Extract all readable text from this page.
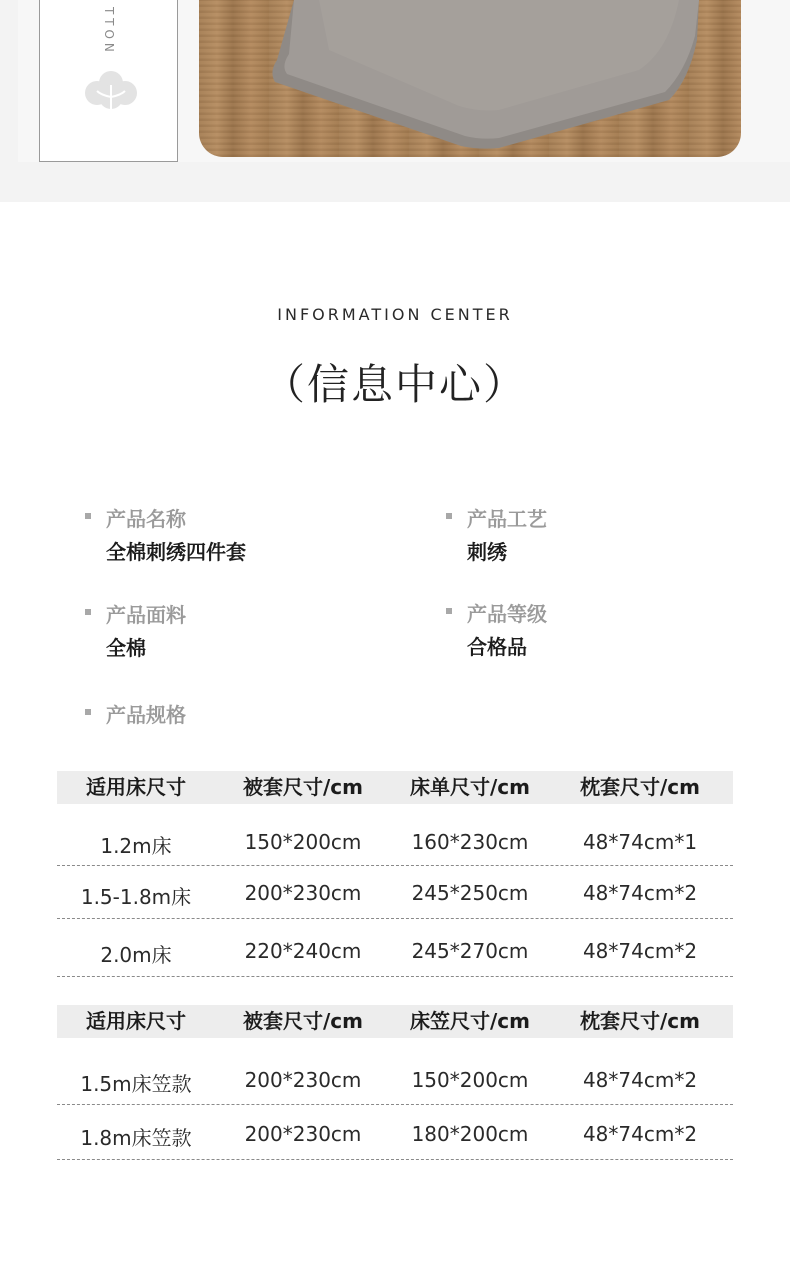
TTON
INFORMATION CENTER
（信息中心）
产品名称
全棉刺绣四件套
产品工艺
刺绣
产品面料
全棉
产品等级
合格品
产品规格
适用床尺寸	被套尺寸/cm	床单尺寸/cm	枕套尺寸/cm
1.2m床	150*200cm	160*230cm	48*74cm*1
1.5-1.8m床	200*230cm	245*250cm	48*74cm*2
2.0m床	220*240cm	245*270cm	48*74cm*2
适用床尺寸	被套尺寸/cm	床笠尺寸/cm	枕套尺寸/cm
1.5m床笠款	200*230cm	150*200cm	48*74cm*2
1.8m床笠款	200*230cm	180*200cm	48*74cm*2
